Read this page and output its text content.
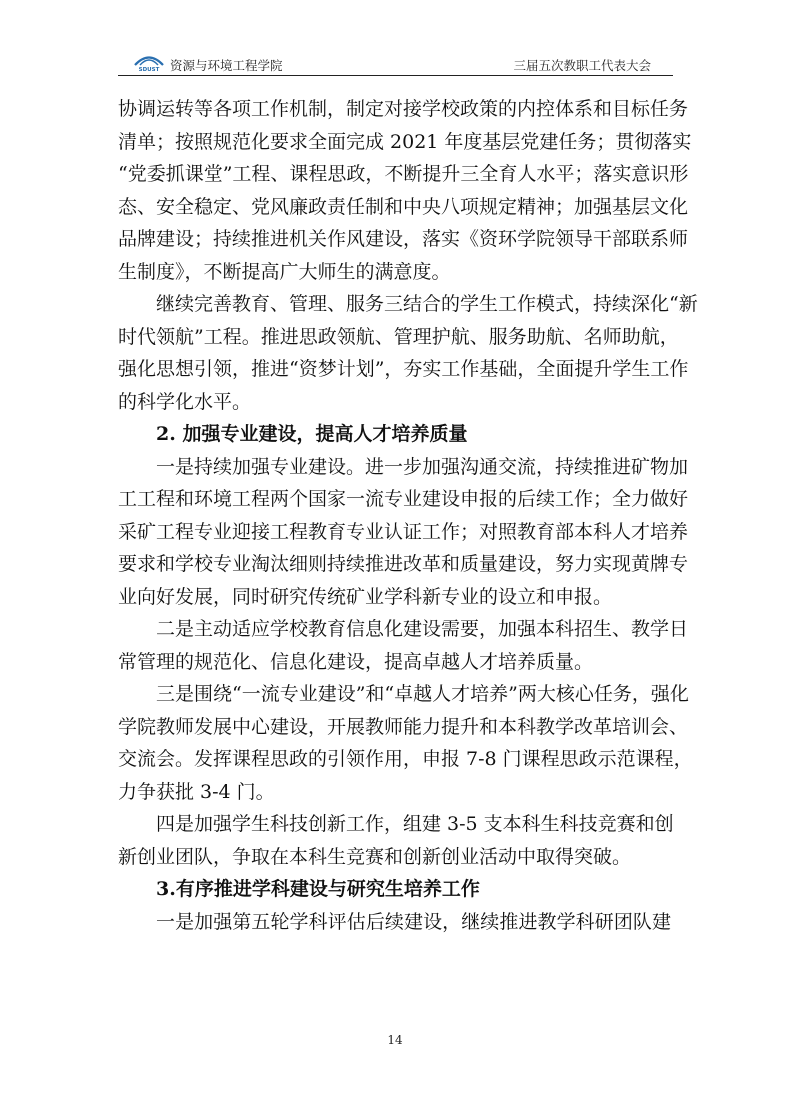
SDUST 资源与环境工程学院	三届五次教职工代表大会
协调运转等各项工作机制，制定对接学校政策的内控体系和目标任务
清单；按照规范化要求全面完成 2021 年度基层党建任务；贯彻落实
“党委抓课堂”工程、课程思政，不断提升三全育人水平；落实意识形
态、安全稳定、党风廉政责任制和中央八项规定精神；加强基层文化
品牌建设；持续推进机关作风建设，落实《资环学院领导干部联系师
生制度》，不断提高广大师生的满意度。
继续完善教育、管理、服务三结合的学生工作模式，持续深化“新
时代领航”工程。推进思政领航、管理护航、服务助航、名师助航，
强化思想引领，推进“资梦计划”，夯实工作基础，全面提升学生工作
的科学化水平。
2. 加强专业建设，提高人才培养质量
一是持续加强专业建设。进一步加强沟通交流，持续推进矿物加
工工程和环境工程两个国家一流专业建设申报的后续工作；全力做好
采矿工程专业迎接工程教育专业认证工作；对照教育部本科人才培养
要求和学校专业淘汰细则持续推进改革和质量建设，努力实现黄牌专
业向好发展，同时研究传统矿业学科新专业的设立和申报。
二是主动适应学校教育信息化建设需要，加强本科招生、教学日
常管理的规范化、信息化建设，提高卓越人才培养质量。
三是围绕“一流专业建设”和“卓越人才培养”两大核心任务，强化
学院教师发展中心建设，开展教师能力提升和本科教学改革培训会、
交流会。发挥课程思政的引领作用，申报 7-8 门课程思政示范课程，
力争获批 3-4 门。
四是加强学生科技创新工作，组建 3-5 支本科生科技竞赛和创
新创业团队，争取在本科生竞赛和创新创业活动中取得突破。
3.有序推进学科建设与研究生培养工作
一是加强第五轮学科评估后续建设，继续推进教学科研团队建
14
